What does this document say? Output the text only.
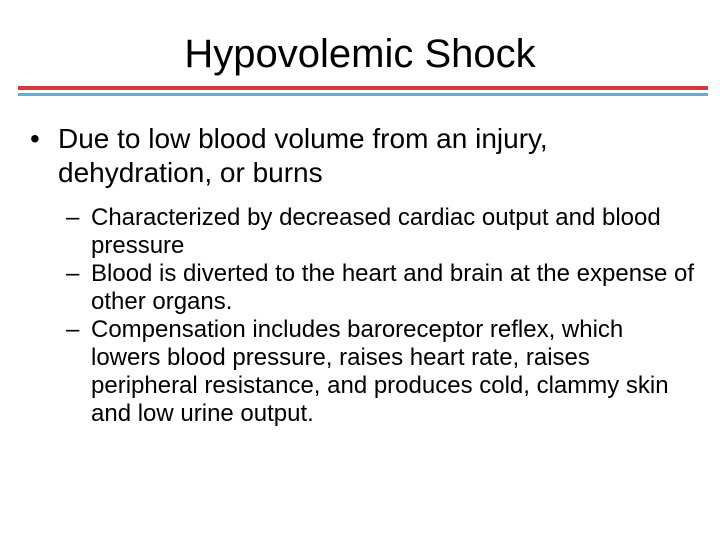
Hypovolemic Shock
• Due to low blood volume from an injury, dehydration, or burns
– Characterized by decreased cardiac output and blood pressure
– Blood is diverted to the heart and brain at the expense of other organs.
– Compensation includes baroreceptor reflex, which lowers blood pressure, raises heart rate, raises peripheral resistance, and produces cold, clammy skin and low urine output.
